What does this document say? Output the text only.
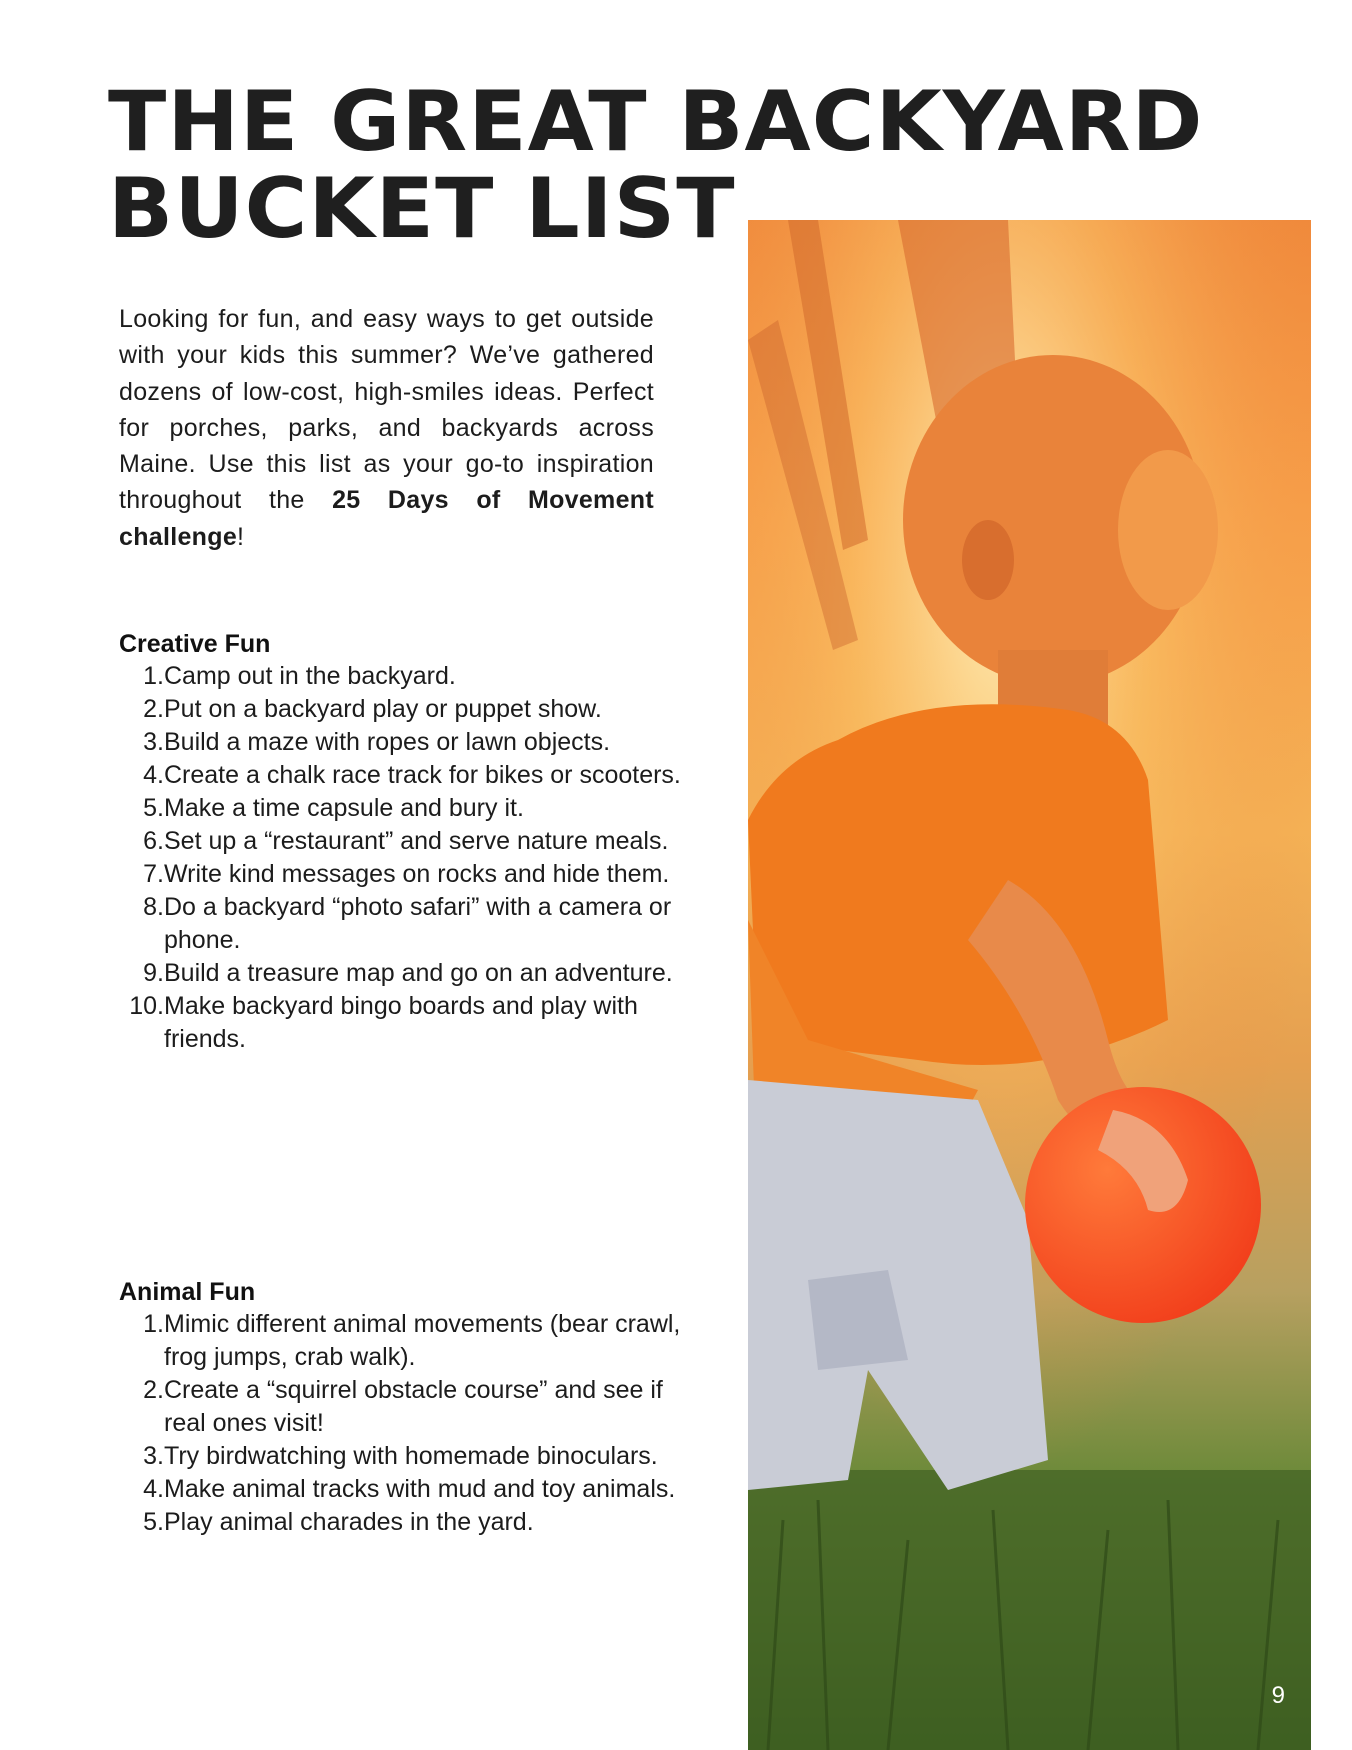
THE GREAT BACKYARD
BUCKET LIST
9

Looking for fun, and easy ways to get outside with your kids this summer? We’ve gathered dozens of low-cost, high-smiles ideas. Perfect for porches, parks, and backyards across Maine. Use this list as your go-to inspiration throughout the 25 Days of Movement challenge!

Creative Fun
1. Camp out in the backyard.
2. Put on a backyard play or puppet show.
3. Build a maze with ropes or lawn objects.
4. Create a chalk race track for bikes or scooters.
5. Make a time capsule and bury it.
6. Set up a “restaurant” and serve nature meals.
7. Write kind messages on rocks and hide them.
8. Do a backyard “photo safari” with a camera or phone.
9. Build a treasure map and go on an adventure.
10. Make backyard bingo boards and play with friends.
Animal Fun
1. Mimic different animal movements (bear crawl, frog jumps, crab walk).
2. Create a “squirrel obstacle course” and see if real ones visit!
3. Try birdwatching with homemade binoculars.
4. Make animal tracks with mud and toy animals.
5. Play animal charades in the yard.
